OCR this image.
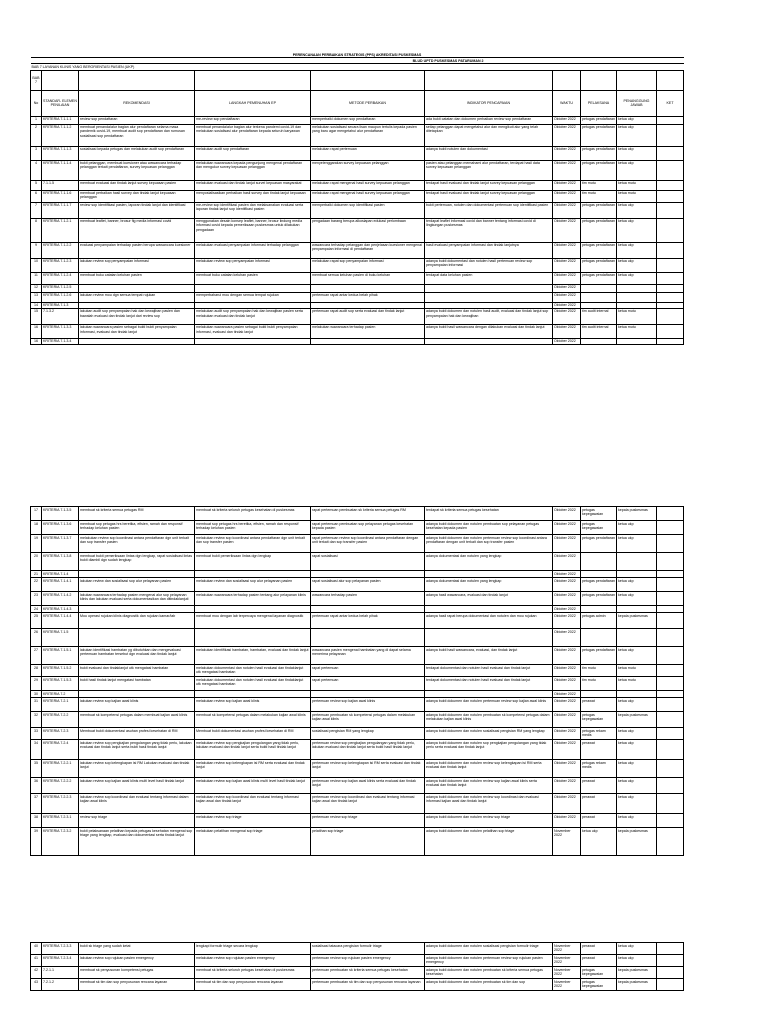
PERENCANAAN PERBAIKAN STRATEGIS (PPS) AKREDITASI PUSKESMAS									
BLUD UPTD PUSKESMAS PATARUMAN 2									
BAB 7 LAYANAN KLINIS YANG BERORIENTASI PASIEN (UKP)									
BAB 7									
No	STANDAR- ELEMEN PENILAIAN	REKOMENDASI	LANGKAH PEMENUHAN EP	METODE PERBAIKAN	INDIKATOR PENCAPAIAN	WAKTU	PELAKSANA	PENANGGUNG JAWAB	KET
1	KRITERIA 7.1.1.1	review sop pendaftaran	me-review sop pendaftaran	memperbaiki dokumen sop pendaftaran	ada bukti catatan dan dokumen perbaikan review sop pendaftaran	Oktober 2022	petugas pendaftaran	ketua ukp	
2	KRITERIA 7.1.1.2	membuat penanda/alur bagian alur pendaftaran selama masa pandemik covid-19, membuat audit sop pendaftaran dan rumusan sosialisasi sop pendaftaran	membuat penanda/alur bagian alur terkena pandemi covid-19 dan melakukan sosialisasi alur pendaftaran kepada seluruh karyawan	melakukan sosialisasi secara lisan maupun tertulis kepada pasien yang baru agar mengetahui alur pendaftaran	setiap pelanggan dapat mengetahui alur dan mengikuti alur yang telah ditetapkan	Oktober 2022	petugas pendaftaran	ketua ukp	
3	KRITERIA 7.1.1.3	sosialisasi kepada petugas dan melakukan audit sop pendaftaran	melakukan audit sop pendaftaran	melakukan rapat pertemuan	adanya bukti notulen dan dokumentasi	Oktober 2022	petugas pendaftaran	ketua ukp	
4	KRITERIA 7.1.1.4	bukti pelanggan, membuat kuesioner atau wawancara terhadap pelanggan terkait pendaftaran, survey kepuasan pelanggan	melakukan wawancara kepada pengunjung mengenai pendaftaran dan mengukur survey kepuasan pelanggan	menyelenggarakan survey kepuasan pelanggan	pasien atau pelanggan memahami alur pendaftaran, terdapat hasil data survey kepuasan pelanggan	Oktober 2022	petugas pendaftaran	ketua ukp	
5	7.1.1.5	membuat evaluasi dan tindak lanjut survey kepuasan pasien	melakukan evaluasi dan tindak lanjut survei kepuasan masyarakat	melakukan rapat mengenai hasil survey kepuasan pelanggan	terdapat hasil evaluasi dan tindak lanjut survey kepuasan pelanggan	Oktober 2022	tim mutu	ketua mutu	
6	KRITERIA 7.1.1.6	membuat perbaikan hasil survey dan tindak lanjut kepuasan pelanggan	menyosialisasikan perbaikan hasil survey dan tindak lanjut kepuasan	melakukan rapat mengenai hasil survey kepuasan pelanggan	terdapat hasil evaluasi dan tindak lanjut survey kepuasan pelanggan	Oktober 2022	tim mutu	ketua mutu	
7	KRITERIA 7.1.1.7	review sop identifikasi pasien, laporan tindak lanjut dan identifikasi	me-review sop identifikasi pasien dan melaksanakan evaluasi serta laporan tindak lanjut sop identifikasi pasien	memperbaiki dokumen sop identifikasi pasien	bukti pertemuan, notulen dan dokumentasi pertemuan sop identifikasi pasien	Oktober 2022	petugas pendaftaran	ketua ukp	
8	KRITERIA 7.1.2.1	membuat leaflet, banner, brosur fig media informasi covid	menggunakan desain konsep leaflet, banner, brosur lindung media informasi covid kepada pemeriksaan puskesmas untuk dilakukan pengadaan	pengadaan barang berupa alkosiapan edukasi perlombaan	terdapat leaflet informasi covid dan banner tentang informasi covid di lingkungan puskesmas	Oktober 2022	petugas pendaftaran	ketua ukp	
9	KRITERIA 7.1.2.2	evaluasi penyampaian terhadap pasien berupa wawancara kuesioner	melakukan evaluasi penyampaian informasi terhadap pelanggan	wawancara terhadap pelanggan dan penjelasan kuesioner mengenai penyampaian informasi di pendaftaran	hasil evaluasi penyampaian informasi dan tindak lanjutnya	Oktober 2022	petugas pendaftaran	ketua ukp	
10	KRITERIA 7.1.2.3	lakukan review sop penyampaian informasi	melakukan review sop penyampaian informasi	melakukan rapat sop penyampaian informasi	adanya bukti dokumentasi dan notulen hasil pertemuan review sop penyampaian informasi	Oktober 2022	petugas pendaftaran	ketua ukp	
11	KRITERIA 7.1.2.4	membuat buku catatan keluhan pasien	membuat buku catatan keluhan pasien	membuat semua keluhan pasien di buku keluhan	terdapat data keluhan pasien	Oktober 2022	petugas pendaftaran	ketua ukp	
12	KRITERIA 7.1.2.5					Oktober 2022			
13	KRITERIA 7.1.2.6	lakukan review mou dgn semua tempat rujukan	memperbaharui mou dengan semua tempat rujukan	pertemuan rapat antar kedua belah pihak		Oktober 2022			
14	KRITERIA 7.1.3					Oktober 2022			
15	7.1.3.2	lakukan audit sop penyampaian hak dan kewajiban pasien dan bawalah evaluasi dan tindak lanjut dari review sop	melakukan audit sop penyampaian hak dan kewajiban pasien serta melakukan evaluasi dan tindak lanjut	pertemuan rapat audit sop serta evaluasi dan tindak lanjut	adanya bukti dokumen dan notulen hasil audit, evaluasi dan tindak lanjut sop penyampaian hak dan kewajiban	Oktober 2022	tim audit internal	ketua mutu	
16	KRITERIA 7.1.3.3	lakukan wawancara pasien sebagai bukti bukti penyampaian informasi, evaluasi dan tindak lanjut	melakukan wawancara pasien sebagai bukti bukti penyampaian informasi, evaluasi dan tindak lanjut	melakukan wawancara terhadap pasien	adanya bukti hasil wawancara dengan dilakukan evaluasi dan tindak lanjut	Oktober 2022	tim audit internal	ketua mutu	
16	KRITERIA 7.1.3.4					Oktober 2022			
17	KRITERIA 7.1.3.5	membuat sk kriteria semua petugas RM	membuat sk kriteria seluruh petugas kesehatan di puskesmas	rapat pertemuan pembuatan sk kriteria semua petugas RM	terdapat sk kriteria semua petugas kesehatan	Oktober 2022	petugas kepegawaian	kepala puskesmas	
18	KRITERIA 7.1.3.6	membuat sop petugas hrs beretika, efisien, ramah dan responsif terhadap keluhan pasien	membuat sop petugas hrs beretika, efisien, ramah dan responsif terhadap keluhan pasien	rapat pertemuan pembuatan sop pelayanan petugas kesehatan kepada pasien	adanya bukti dokumen dan notulen pembuatan sop pelayanan petugas kesehatan kepada pasien	Oktober 2022	petugas kepegawaian	ketua ukp	
19	KRITERIA 7.1.3.7	melakukan review sop koordinasi antara pendaftaran dgn unit terkait dan sop transfer pasien	melakukan review sop koordinasi antara pendaftaran dgn unit terkait dan sop transfer pasien	rapat pertemuan review sop koordinasi antara pendaftaran dengan unit terkait dan sop transfer pasien	adanya bukti dokumen dan notulen pertemuan review sop koordinasi antara pendaftaran dengan unit terkait dan sop transfer pasien	Oktober 2022	petugas pendaftaran	ketua ukp	
20	KRITERIA 7.1.3.8	membuat bukti pemeriksaan lintas dgn lengkap, rapat sosialisasi lintas bukti diambil dgn sudah lengkap	membuat bukti pemeriksaan lintas dgn lengkap	rapat sosialisasi	adanya dokumentasi dan notulen yang lengkap	Oktober 2022			
21	KRITERIA 7.1.4					Oktober 2022			
22	KRITERIA 7.1.4.1	lakukan review dan sosialisasi sop alur pelayanan pasien	melakukan review dan sosialisasi sop alur pelayanan pasien	rapat sosialisasi alur sop pelayanan pasien	adanya dokumentasi dan notulen yang lengkap	Oktober 2022	petugas pendaftaran	ketua ukp	
23	KRITERIA 7.1.4.2	lakukan wawancara terhadap pasien mengenai alur sop pelayanan klinis dan lakukan evaluasi serta dokumentasikan dan ditindaklanjuti	melakukan wawancara terhadap pasien tentang alur pelayanan klinis	wawancara terhadap pasien	adanya hasil wawancara, evaluasi dan tindak lanjut	Oktober 2022	petugas pendaftaran	ketua ukp	
24	KRITERIA 7.1.4.3					Oktober 2022			
25	KRITERIA 7.1.4.4	Mou operasi rujukan klinis diagnostik dan rujukan kamar/lab	membuat mou dengan lab terpercaya mengenai layanan diagnostik	pertemuan rapat antar kedua belah pihak	adanya hasil rapat berupa dokumentasi dan notulen dan mou rujukan	Oktober 2022	petugas admin	kepala puskesmas	
26	KRITERIA 7.1.5					Oktober 2022			
27	KRITERIA 7.1.5.1	lakukan identifikasi hambatan yg dibutuhkan dan mengevaluasi pertemuan hambatan tersebut dgn evaluasi dan tindak lanjut	melakukan identifikasi hambatan, hambatan, evaluasi dan tindak lanjut	wawancara pasien mengenai hambatan yang di dapat selama menerima pelayanan	adanya bukti hasil wawancara, evaluasi, dan tindak lanjut	Oktober 2022	petugas pendaftaran	ketua ukp	
28	KRITERIA 7.1.5.2	bukti evaluasi dan tindaklanjut utk mengatasi hambatan	melakukan dokumentasi dan notulen hasil evaluasi dan tindaklanjut utk mengatasi hambatan	rapat pertemuan	terdapat dokumentasi dan notulen hasil evaluasi dan tindak lanjut	Oktober 2022	tim mutu	ketua mutu	
29	KRITERIA 7.1.5.3	bukti hasil tindak lanjut mengatasi hambatan	melakukan dokumentasi dan notulen hasil evaluasi dan tindaklanjut utk mengatasi hambatan	rapat pertemuan	terdapat dokumentasi dan notulen hasil evaluasi dan tindak lanjut	Oktober 2022	tim mutu	ketua mutu	
30	KRITERIA 7.2					Oktober 2022			
31	KRITERIA 7.2.1	lakukan review sop kajian awal klinis	melakukan review sop kajian awal klinis	pertemuan review sop kajian awal klinis	adanya bukti dokumen dan notulen pertemuan review sop kajian awal klinis	Oktober 2022	perawat	ketua ukp	
32	KRITERIA 7.2.2	membuat sk kompetensi petugas dalam membuat kajian awal klinis	membuat sk kompetensi petugas dalam melakukan kajian awal klinis	pertemuan pembuatan sk kompetensi petugas dalam melakukan kajian awal klinis	adanya bukti dokumen dan notulen pembuatan sk kompetensi petugas dalam melakukan kajian awal klinis	Oktober 2022	petugas kepegawaian	kepala puskesmas	
33	KRITERIA 7.2.3	Membuat bukti dokumentasi asuhan profesi kesehatan di RM	Membuat bukti dokumentasi asuhan profesi kesehatan di RM	sosialisasi pengisian RM yang lengkap	adanya bukti dokumen dan notulen sosialisasi pengisian RM yang lengkap	Oktober 2022	petugas rekam medis	ketua ukp	
34	KRITERIA 7.2.4	lakukan review sop pengkajian pengulangan yang tidak perlu, lakukan evaluasi dan tindak lanjut serta bukti hasil tindak lanjut	melakukan review sop pengkajian pengulangan yang tidak perlu, lakukan evaluasi dan tindak lanjut serta bukti hasil tindak lanjut	pertemuan review sop pengkajian pengulangan yang tidak perlu, lakukan evaluasi dan tindak lanjut serta bukti hasil tindak lanjut	adanya bukti dokumen dan notulen sop pengkajian pengulangan yang tidak perlu serta evaluasi dan tindak lanjut	Oktober 2022	perawat	ketua ukp	
35	KRITERIA 7.2.2.1	lakukan review sop kelengkapan isi RM Lakukan evaluasi dan tindak lanjut	melakukan review sop kelengkapan isi RM serta evaluasi dan tindak lanjut	pertemuan review sop kelengkapan isi RM serta evaluasi dan tindak lanjut	adanya bukti dokumen dan notulen review sop kelengkapan isi RM serta evaluasi dan tindak lanjut	Oktober 2022	petugas rekam medis	ketua ukp	
36	KRITERIA 7.2.2.2	lakukan review sop kajian awal klinis multi level hasil tindak lanjut	melakukan review sop kajian awal klinis multi level hasil tindak lanjut	pertemuan review sop kajian awal klinis serta evaluasi dan tindak lanjut	adanya bukti dokumen dan notulen review sop kajian awal klinis serta evaluasi dan tindak lanjut	Oktober 2022	perawat	ketua ukp	
37	KRITERIA 7.2.2.3	lakukan review sop koordinasi dan evaluasi tentang informasi dalam kajian awal klinis	melakukan review sop koordinasi dan evaluasi tentang informasi kajian awal dan tindak lanjut	pertemuan review sop koordinasi dan evaluasi tentang informasi kajian awal dan tindak lanjut	adanya bukti dokumen dan notulen review sop koordinasi dan evaluasi informasi kajian awal dan tindak lanjut	Oktober 2022	perawat	ketua ukp	
38	KRITERIA 7.2.3.1	review sop triage	melakukan review sop triage	pertemuan review sop triage	adanya bukti dokumen dan notulen review sop triage	Oktober 2022	perawat	ketua ukp	
39	KRITERIA 7.2.3.2	bukti pelaksanaan pelatihan kepada petugas kesehatan mengenai sop triage yang lengkap, evaluasi dan dokumentasi serta tindak lanjut	melakukan pelatihan mengenai sop triage	pelatihan sop triage	adanya bukti dokumen dan notulen pelatihan sop triage	November 2022	ketua ukp	kepala puskesmas	
40	KRITERIA 7.2.3.3	bukti sk triage yang sudah ketat	lengkapi formulir triage secara lengkap	sosialisasi tatacara pengisian formulir triage	adanya bukti dokumen dan notulen sosialisasi pengisian formulir triage	November 2022	perawat	ketua ukp	
41	KRITERIA 7.2.3.4	lakukan review sop rujukan pasien emergency	melakukan review sop rujukan pasien emergency	pertemuan review sop rujukan pasien emergency	adanya bukti dokumen dan notulen pertemuan review sop rujukan pasien emergency	November 2022	perawat	ketua ukp	
42	7.2.1.1	membuat sk penyusunan kompetensi petugas	membuat sk kriteria seluruh petugas kesehatan di puskesmas	pertemuan pembuatan sk kriteria semua petugas kesehatan	adanya bukti dokumen dan notulen pembuatan sk kriteria semua petugas kesehatan	November 2022	petugas kepegawaian	kepala puskesmas	
43	7.2.1.2	membuat sk tim dan sop penyusunan rencana layanan	membuat sk tim dan sop penyusunan rencana layanan	pertemuan pembuatan sk tim dan sop penyusunan rencana layanan	adanya bukti dokumen dan notulen pembuatan sk tim dan sop	November 2022	petugas kepegawaian	kepala puskesmas	
